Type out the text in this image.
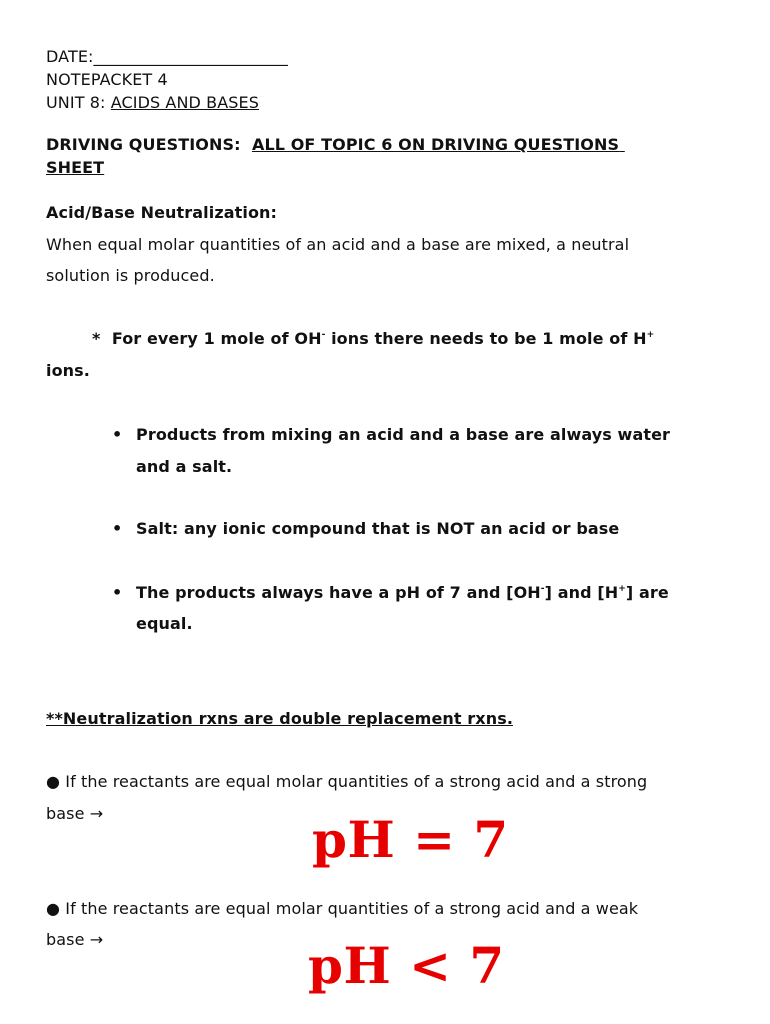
DATE:________________________
NOTEPACKET 4
UNIT 8: ACIDS AND BASES
DRIVING QUESTIONS: ALL OF TOPIC 6 ON DRIVING QUESTIONS
SHEET
Acid/Base Neutralization:
When equal molar quantities of an acid and a base are mixed, a neutral
solution is produced.
* For every 1 mole of OH- ions there needs to be 1 mole of H+
ions.
• Products from mixing an acid and a base are always water
and a salt.
• Salt: any ionic compound that is NOT an acid or base
• The products always have a pH of 7 and [OH-] and [H+] are
equal.
**Neutralization rxns are double replacement rxns.
● If the reactants are equal molar quantities of a strong acid and a strong
base →	pH = 7
● If the reactants are equal molar quantities of a strong acid and a weak
base →	pH < 7
